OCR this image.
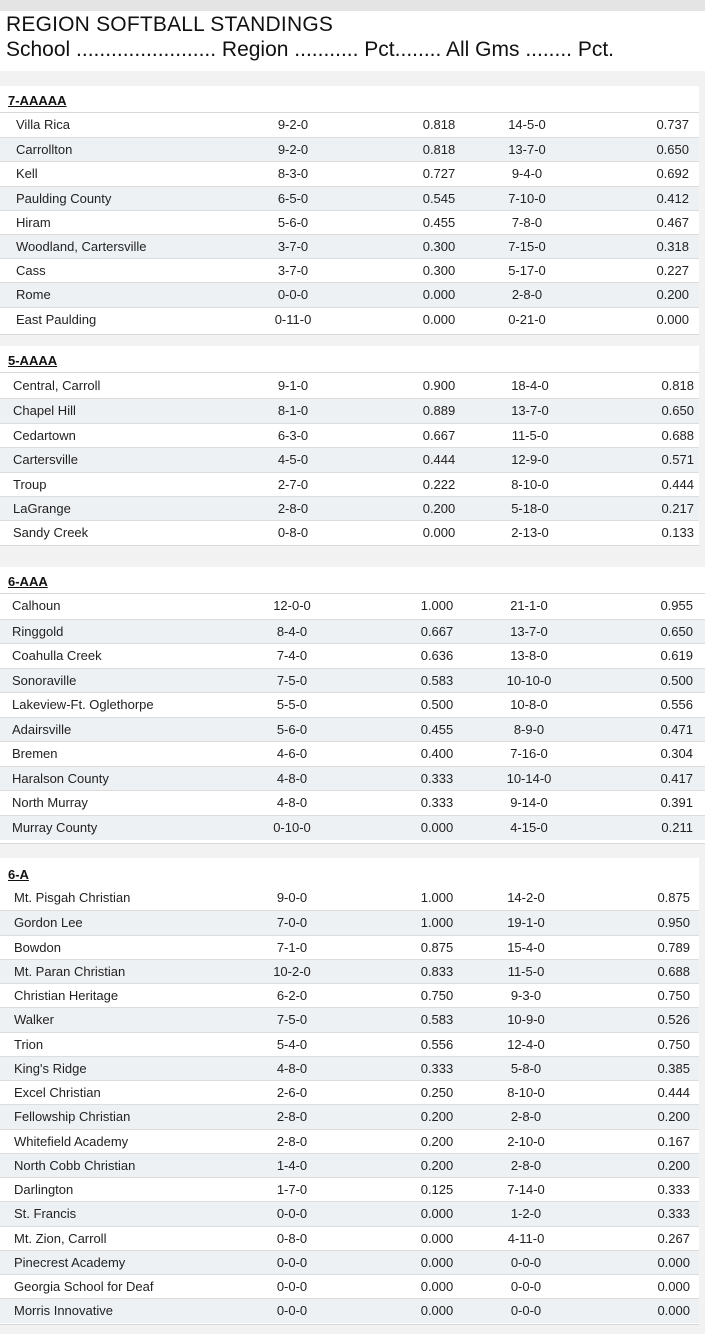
REGION SOFTBALL STANDINGS
School ........................ Region ........... Pct........ All Gms ........ Pct.
7-AAAAA
Villa Rica	9-2-0	0.818	14-5-0	0.737
Carrollton	9-2-0	0.818	13-7-0	0.650
Kell	8-3-0	0.727	9-4-0	0.692
Paulding County	6-5-0	0.545	7-10-0	0.412
Hiram	5-6-0	0.455	7-8-0	0.467
Woodland, Cartersville	3-7-0	0.300	7-15-0	0.318
Cass	3-7-0	0.300	5-17-0	0.227
Rome	0-0-0	0.000	2-8-0	0.200
East Paulding	0-11-0	0.000	0-21-0	0.000
5-AAAA
Central, Carroll	9-1-0	0.900	18-4-0	0.818
Chapel Hill	8-1-0	0.889	13-7-0	0.650
Cedartown	6-3-0	0.667	11-5-0	0.688
Cartersville	4-5-0	0.444	12-9-0	0.571
Troup	2-7-0	0.222	8-10-0	0.444
LaGrange	2-8-0	0.200	5-18-0	0.217
Sandy Creek	0-8-0	0.000	2-13-0	0.133
6-AAA
Calhoun	12-0-0	1.000	21-1-0	0.955
Ringgold	8-4-0	0.667	13-7-0	0.650
Coahulla Creek	7-4-0	0.636	13-8-0	0.619
Sonoraville	7-5-0	0.583	10-10-0	0.500
Lakeview-Ft. Oglethorpe	5-5-0	0.500	10-8-0	0.556
Adairsville	5-6-0	0.455	8-9-0	0.471
Bremen	4-6-0	0.400	7-16-0	0.304
Haralson County	4-8-0	0.333	10-14-0	0.417
North Murray	4-8-0	0.333	9-14-0	0.391
Murray County	0-10-0	0.000	4-15-0	0.211
6-A
Mt. Pisgah Christian	9-0-0	1.000	14-2-0	0.875
Gordon Lee	7-0-0	1.000	19-1-0	0.950
Bowdon	7-1-0	0.875	15-4-0	0.789
Mt. Paran Christian	10-2-0	0.833	11-5-0	0.688
Christian Heritage	6-2-0	0.750	9-3-0	0.750
Walker	7-5-0	0.583	10-9-0	0.526
Trion	5-4-0	0.556	12-4-0	0.750
King's Ridge	4-8-0	0.333	5-8-0	0.385
Excel Christian	2-6-0	0.250	8-10-0	0.444
Fellowship Christian	2-8-0	0.200	2-8-0	0.200
Whitefield Academy	2-8-0	0.200	2-10-0	0.167
North Cobb Christian	1-4-0	0.200	2-8-0	0.200
Darlington	1-7-0	0.125	7-14-0	0.333
St. Francis	0-0-0	0.000	1-2-0	0.333
Mt. Zion, Carroll	0-8-0	0.000	4-11-0	0.267
Pinecrest Academy	0-0-0	0.000	0-0-0	0.000
Georgia School for Deaf	0-0-0	0.000	0-0-0	0.000
Morris Innovative	0-0-0	0.000	0-0-0	0.000
